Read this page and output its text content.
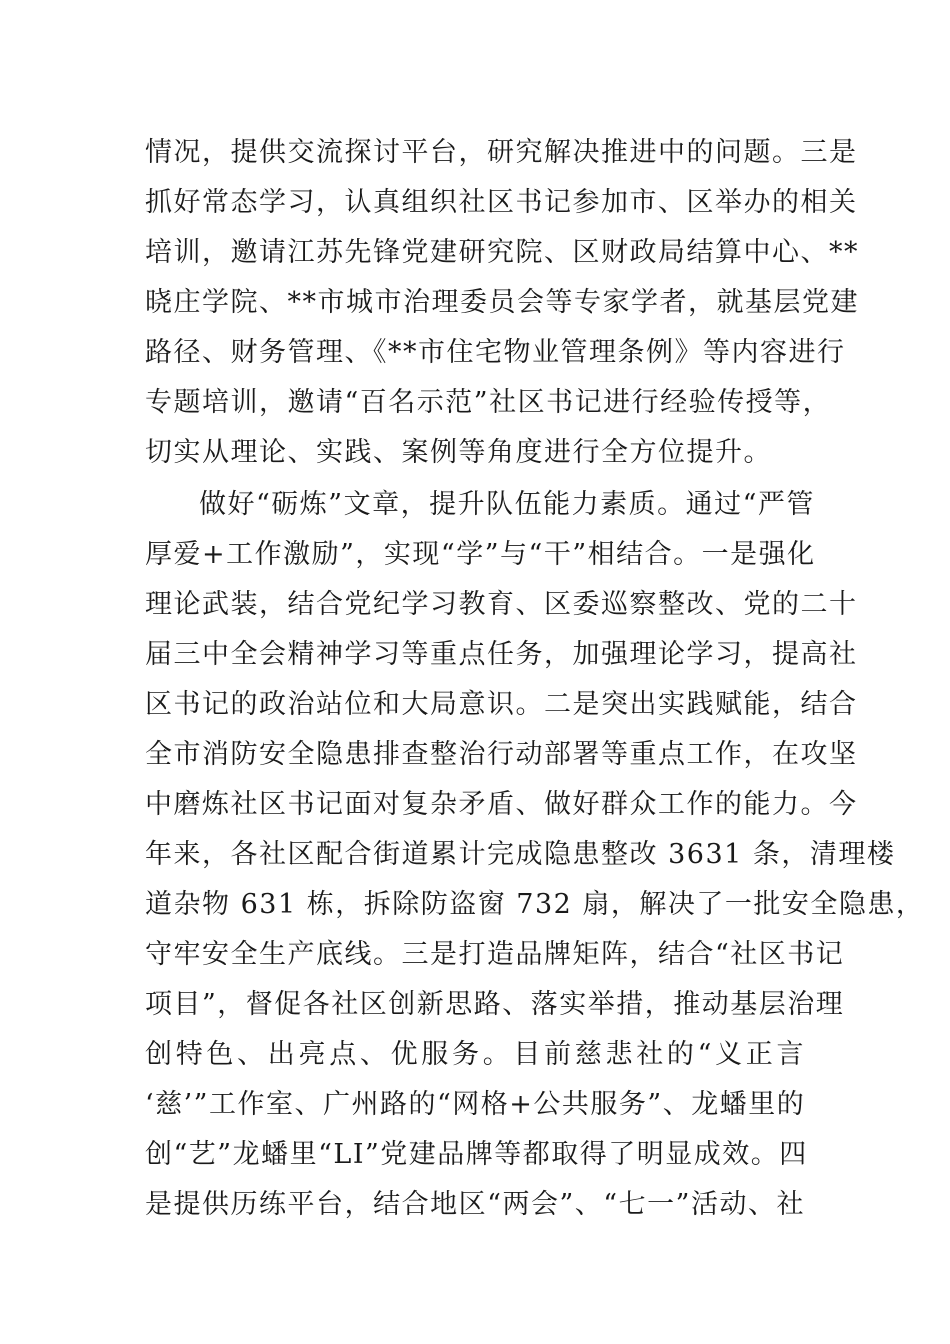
情况，提供交流探讨平台，研究解决推进中的问题。三是
抓好常态学习，认真组织社区书记参加市、区举办的相关
培训，邀请江苏先锋党建研究院、区财政局结算中心、**
晓庄学院、**市城市治理委员会等专家学者，就基层党建
路径、财务管理、《**市住宅物业管理条例》等内容进行
专题培训，邀请“百名示范”社区书记进行经验传授等，
切实从理论、实践、案例等角度进行全方位提升。
做好“砺炼”文章，提升队伍能力素质。通过“严管
厚爱+工作激励”，实现“学”与“干”相结合。一是强化
理论武装，结合党纪学习教育、区委巡察整改、党的二十
届三中全会精神学习等重点任务，加强理论学习，提高社
区书记的政治站位和大局意识。二是突出实践赋能，结合
全市消防安全隐患排查整治行动部署等重点工作，在攻坚
中磨炼社区书记面对复杂矛盾、做好群众工作的能力。今
年来，各社区配合街道累计完成隐患整改 3631 条，清理楼
道杂物 631 栋，拆除防盗窗 732 扇，解决了一批安全隐患，
守牢安全生产底线。三是打造品牌矩阵，结合“社区书记
项目”，督促各社区创新思路、落实举措，推动基层治理
创特色、出亮点、优服务。目前慈悲社的“义正言
‘慈’”工作室、广州路的“网格+公共服务”、龙蟠里的
创“艺”龙蟠里“LI”党建品牌等都取得了明显成效。四
是提供历练平台，结合地区“两会”、“七一”活动、社
